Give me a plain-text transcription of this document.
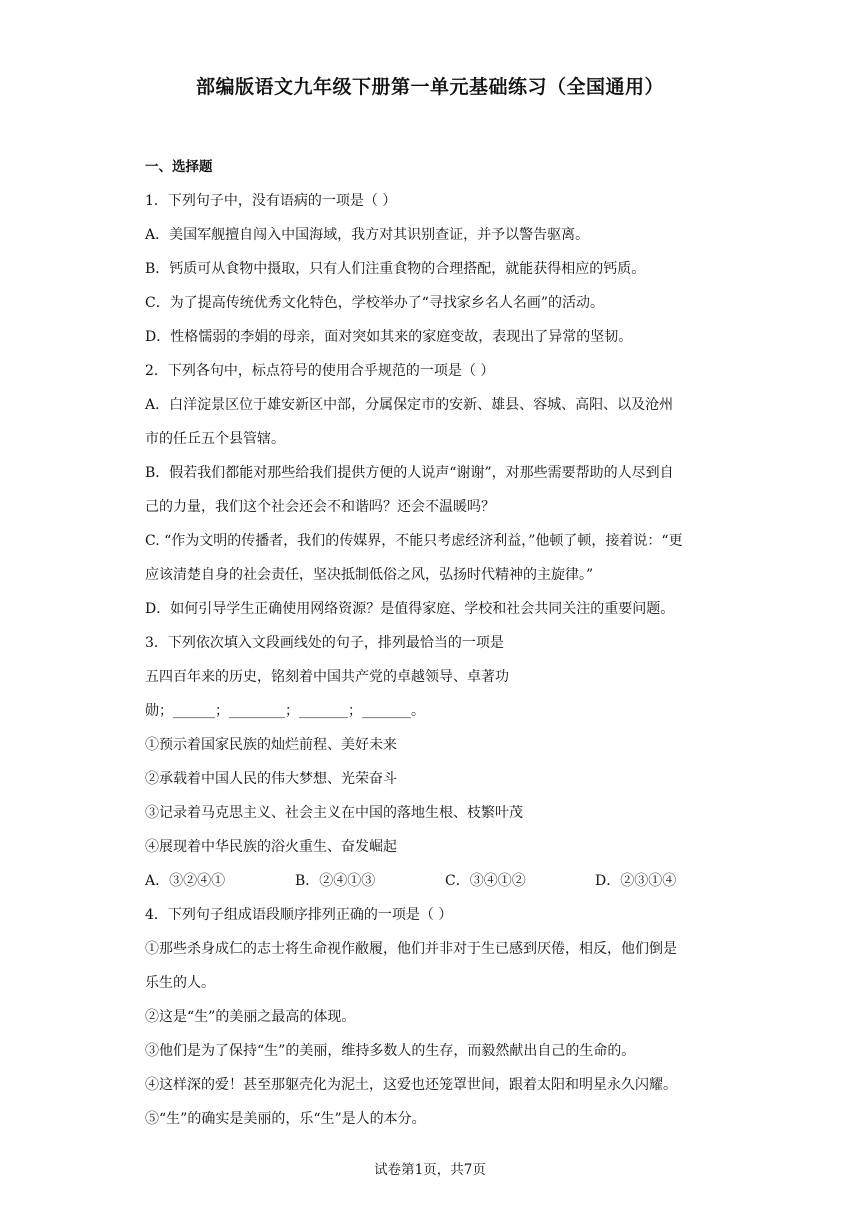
部编版语文九年级下册第一单元基础练习（全国通用）
一、选择题
1．下列句子中，没有语病的一项是（ ）
A．美国军舰擅自闯入中国海域，我方对其识别查证，并予以警告驱离。
B．钙质可从食物中摄取，只有人们注重食物的合理搭配，就能获得相应的钙质。
C．为了提高传统优秀文化特色，学校举办了“寻找家乡名人名画”的活动。
D．性格懦弱的李娟的母亲，面对突如其来的家庭变故，表现出了异常的坚韧。
2．下列各句中，标点符号的使用合乎规范的一项是（ ）
A．白洋淀景区位于雄安新区中部，分属保定市的安新、雄县、容城、高阳、以及沧州
市的任丘五个县管辖。
B．假若我们都能对那些给我们提供方便的人说声“谢谢”，对那些需要帮助的人尽到自
己的力量，我们这个社会还会不和谐吗？还会不温暖吗？
C. “作为文明的传播者，我们的传媒界，不能只考虑经济利益，”他顿了顿，接着说：“更
应该清楚自身的社会责任，坚决抵制低俗之风，弘扬时代精神的主旋律。”
D．如何引导学生正确使用网络资源？是值得家庭、学校和社会共同关注的重要问题。
3．下列依次填入文段画线处的句子，排列最恰当的一项是
五四百年来的历史，铭刻着中国共产党的卓越领导、卓著功
勋；______；________；_______；_______。
①预示着国家民族的灿烂前程、美好未来
②承载着中国人民的伟大梦想、光荣奋斗
③记录着马克思主义、社会主义在中国的落地生根、枝繁叶茂
④展现着中华民族的浴火重生、奋发崛起
A．③②④①	B．②④①③	C．③④①②	D．②③①④
4．下列句子组成语段顺序排列正确的一项是（ ）
①那些杀身成仁的志士将生命视作敝履，他们并非对于生已感到厌倦，相反，他们倒是
乐生的人。
②这是“生”的美丽之最高的体现。
③他们是为了保持“生”的美丽，维持多数人的生存，而毅然献出自己的生命的。
④这样深的爱！甚至那躯壳化为泥土，这爱也还笼罩世间，跟着太阳和明星永久闪耀。
⑤“生”的确实是美丽的，乐“生”是人的本分。
试卷第1页，共7页
